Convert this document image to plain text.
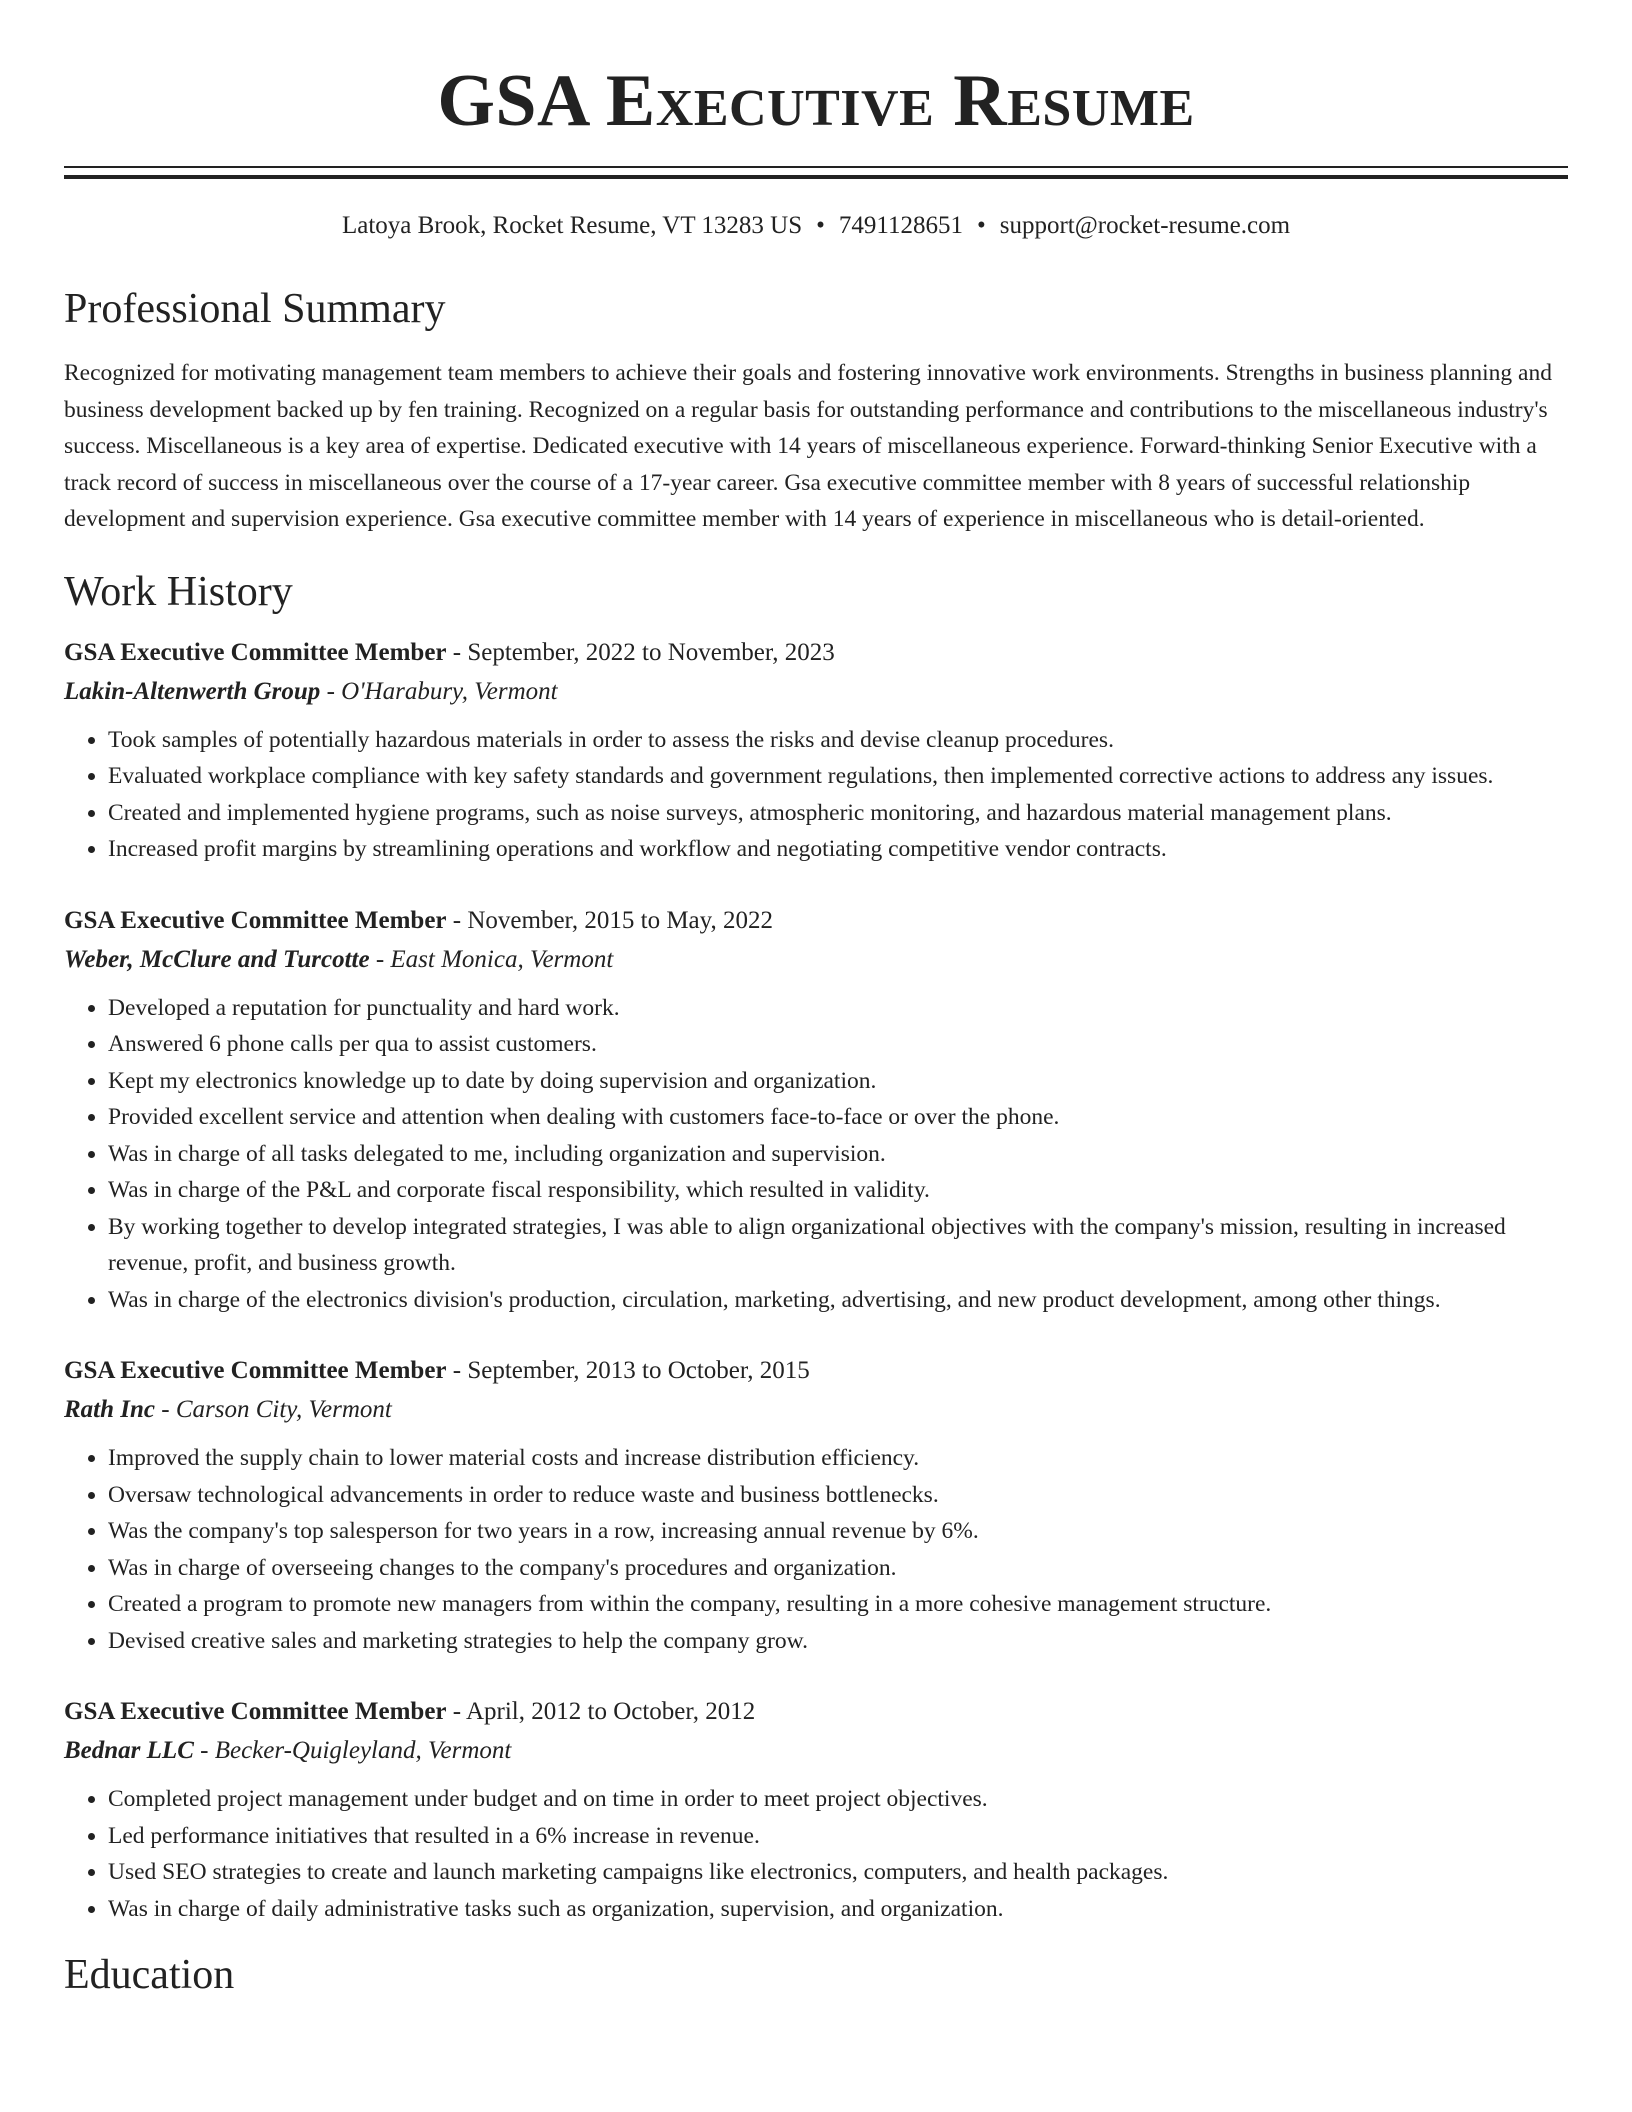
GSA Executive Resume
Latoya Brook, Rocket Resume, VT 13283 US • 7491128651 • support@rocket-resume.com
Professional Summary
Recognized for motivating management team members to achieve their goals and fostering innovative work environments. Strengths in business planning and business development backed up by fen training. Recognized on a regular basis for outstanding performance and contributions to the miscellaneous industry's success. Miscellaneous is a key area of expertise. Dedicated executive with 14 years of miscellaneous experience. Forward-thinking Senior Executive with a track record of success in miscellaneous over the course of a 17-year career. Gsa executive committee member with 8 years of successful relationship development and supervision experience. Gsa executive committee member with 14 years of experience in miscellaneous who is detail-oriented.
Work History
GSA Executive Committee Member - September, 2022 to November, 2023
Lakin-Altenwerth Group - O'Harabury, Vermont
• Took samples of potentially hazardous materials in order to assess the risks and devise cleanup procedures.
• Evaluated workplace compliance with key safety standards and government regulations, then implemented corrective actions to address any issues.
• Created and implemented hygiene programs, such as noise surveys, atmospheric monitoring, and hazardous material management plans.
• Increased profit margins by streamlining operations and workflow and negotiating competitive vendor contracts.
GSA Executive Committee Member - November, 2015 to May, 2022
Weber, McClure and Turcotte - East Monica, Vermont
• Developed a reputation for punctuality and hard work.
• Answered 6 phone calls per qua to assist customers.
• Kept my electronics knowledge up to date by doing supervision and organization.
• Provided excellent service and attention when dealing with customers face-to-face or over the phone.
• Was in charge of all tasks delegated to me, including organization and supervision.
• Was in charge of the P&L and corporate fiscal responsibility, which resulted in validity.
• By working together to develop integrated strategies, I was able to align organizational objectives with the company's mission, resulting in increased revenue, profit, and business growth.
• Was in charge of the electronics division's production, circulation, marketing, advertising, and new product development, among other things.
GSA Executive Committee Member - September, 2013 to October, 2015
Rath Inc - Carson City, Vermont
• Improved the supply chain to lower material costs and increase distribution efficiency.
• Oversaw technological advancements in order to reduce waste and business bottlenecks.
• Was the company's top salesperson for two years in a row, increasing annual revenue by 6%.
• Was in charge of overseeing changes to the company's procedures and organization.
• Created a program to promote new managers from within the company, resulting in a more cohesive management structure.
• Devised creative sales and marketing strategies to help the company grow.
GSA Executive Committee Member - April, 2012 to October, 2012
Bednar LLC - Becker-Quigleyland, Vermont
• Completed project management under budget and on time in order to meet project objectives.
• Led performance initiatives that resulted in a 6% increase in revenue.
• Used SEO strategies to create and launch marketing campaigns like electronics, computers, and health packages.
• Was in charge of daily administrative tasks such as organization, supervision, and organization.
Education
